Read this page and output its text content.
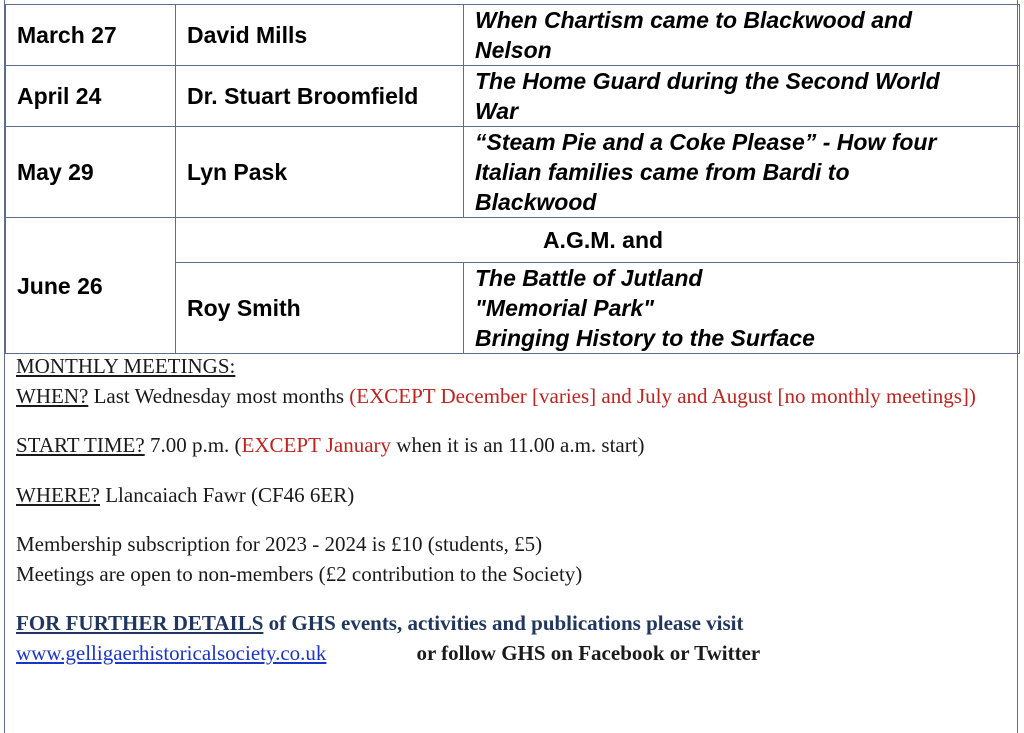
March 27	David Mills	When Chartism came to Blackwood and
Nelson

April 24	Dr. Stuart Broomfield	The Home Guard during the Second World
War

May 29	Lyn Pask	“Steam Pie and a Coke Please” - How four
Italian families came from Bardi to
Blackwood

June 26	A.G.M. and	
	Roy Smith	The Battle of Jutland
"Memorial Park"
Bringing History to the Surface

MONTHLY MEETINGS:

WHEN? Last Wednesday most months (EXCEPT December [varies] and July and August [no monthly meetings])

START TIME? 7.00 p.m. (EXCEPT January when it is an 11.00 a.m. start)

WHERE? Llancaiach Fawr (CF46 6ER)

Membership subscription for 2023 - 2024 is £10 (students, £5)

Meetings are open to non-members (£2 contribution to the Society)

FOR FURTHER DETAILS of GHS events, activities and publications please visit

www.gelligaerhistoricalsociety.co.uk	or follow GHS on Facebook or Twitter
